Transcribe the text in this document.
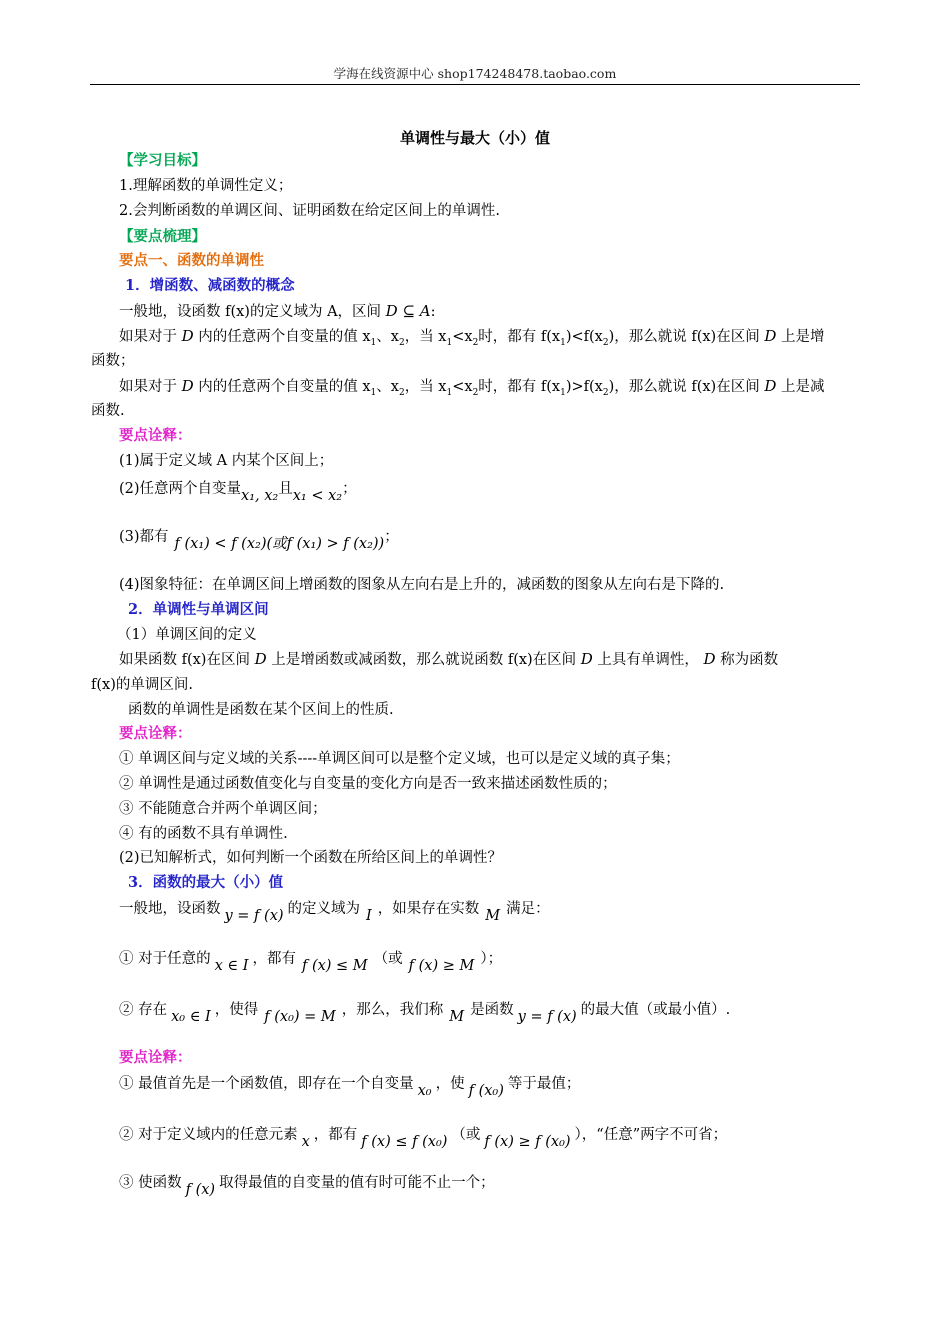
学海在线资源中心 shop174248478.taobao.com
单调性与最大（小）值
【学习目标】
1.理解函数的单调性定义；
2.会判断函数的单调区间、证明函数在给定区间上的单调性.
【要点梳理】
要点一、函数的单调性
1．增函数、减函数的概念
一般地，设函数 f(x)的定义域为 A，区间 D ⊆ A:
如果对于 D 内的任意两个自变量的值 $x_1$、$x_2$，当 $x_1<x_2$时，都有 $f(x_1)<f(x_2)$，那么就说 f(x)在区间 D 上是增
函数；
如果对于 D 内的任意两个自变量的值 $x_1$、$x_2$，当 $x_1<x_2$时，都有 $f(x_1)>f(x_2)$，那么就说 f(x)在区间 D 上是减
函数.
要点诠释：
(1)属于定义域 A 内某个区间上；
(2)任意两个自变量x₁, x₂且x₁ < x₂；
(3)都有 f (x₁) < f (x₂)(或f (x₁) > f (x₂))；
(4)图象特征：在单调区间上增函数的图象从左向右是上升的，减函数的图象从左向右是下降的.
2．单调性与单调区间
（1）单调区间的定义
如果函数 f(x)在区间 D 上是增函数或减函数，那么就说函数 f(x)在区间 D 上具有单调性， D 称为函数
f(x)的单调区间.
函数的单调性是函数在某个区间上的性质.
要点诠释：
① 单调区间与定义域的关系----单调区间可以是整个定义域，也可以是定义域的真子集；
② 单调性是通过函数值变化与自变量的变化方向是否一致来描述函数性质的；
③ 不能随意合并两个单调区间；
④ 有的函数不具有单调性.
(2)已知解析式，如何判断一个函数在所给区间上的单调性？
3．函数的最大（小）值
一般地，设函数 y = f (x) 的定义域为 I ，如果存在实数 M 满足：
① 对于任意的 x ∈ I ，都有 f (x) ≤ M （或 f (x) ≥ M ）；
② 存在 x₀ ∈ I ，使得 f (x₀) = M ，那么，我们称 M 是函数 y = f (x) 的最大值（或最小值）.
要点诠释：
① 最值首先是一个函数值，即存在一个自变量 x₀ ，使 f (x₀) 等于最值；
② 对于定义域内的任意元素 x ，都有 f (x) ≤ f (x₀) （或 f (x) ≥ f (x₀) ），“任意”两字不可省；
③ 使函数 f (x) 取得最值的自变量的值有时可能不止一个；
